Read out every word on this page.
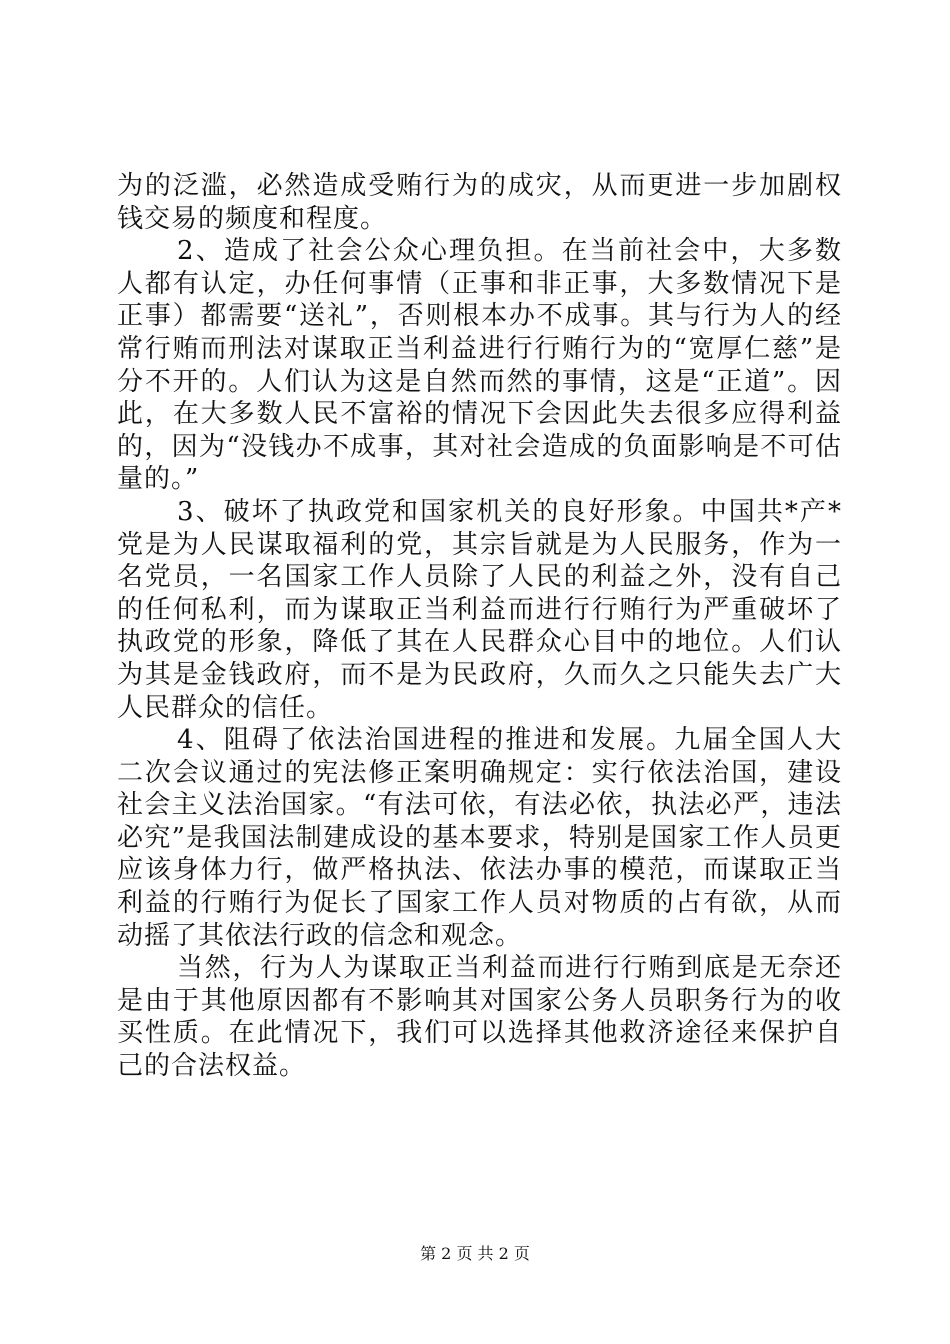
为的泛滥，必然造成受贿行为的成灾，从而更进一步加剧权钱交易的频度和程度。

2、造成了社会公众心理负担。在当前社会中，大多数人都有认定，办任何事情（正事和非正事，大多数情况下是正事）都需要“送礼”，否则根本办不成事。其与行为人的经常行贿而刑法对谋取正当利益进行行贿行为的“宽厚仁慈”是分不开的。人们认为这是自然而然的事情，这是“正道”。因此，在大多数人民不富裕的情况下会因此失去很多应得利益的，因为“没钱办不成事，其对社会造成的负面影响是不可估量的。”

3、破坏了执政党和国家机关的良好形象。中国共*产*党是为人民谋取福利的党，其宗旨就是为人民服务，作为一名党员，一名国家工作人员除了人民的利益之外，没有自己的任何私利，而为谋取正当利益而进行行贿行为严重破坏了执政党的形象，降低了其在人民群众心目中的地位。人们认为其是金钱政府，而不是为民政府，久而久之只能失去广大人民群众的信任。

4、阻碍了依法治国进程的推进和发展。九届全国人大二次会议通过的宪法修正案明确规定：实行依法治国，建设社会主义法治国家。“有法可依，有法必依，执法必严，违法必究”是我国法制建成设的基本要求，特别是国家工作人员更应该身体力行，做严格执法、依法办事的模范，而谋取正当利益的行贿行为促长了国家工作人员对物质的占有欲，从而动摇了其依法行政的信念和观念。

当然，行为人为谋取正当利益而进行行贿到底是无奈还是由于其他原因都有不影响其对国家公务人员职务行为的收买性质。在此情况下，我们可以选择其他救济途径来保护自己的合法权益。

第 2 页 共 2 页
